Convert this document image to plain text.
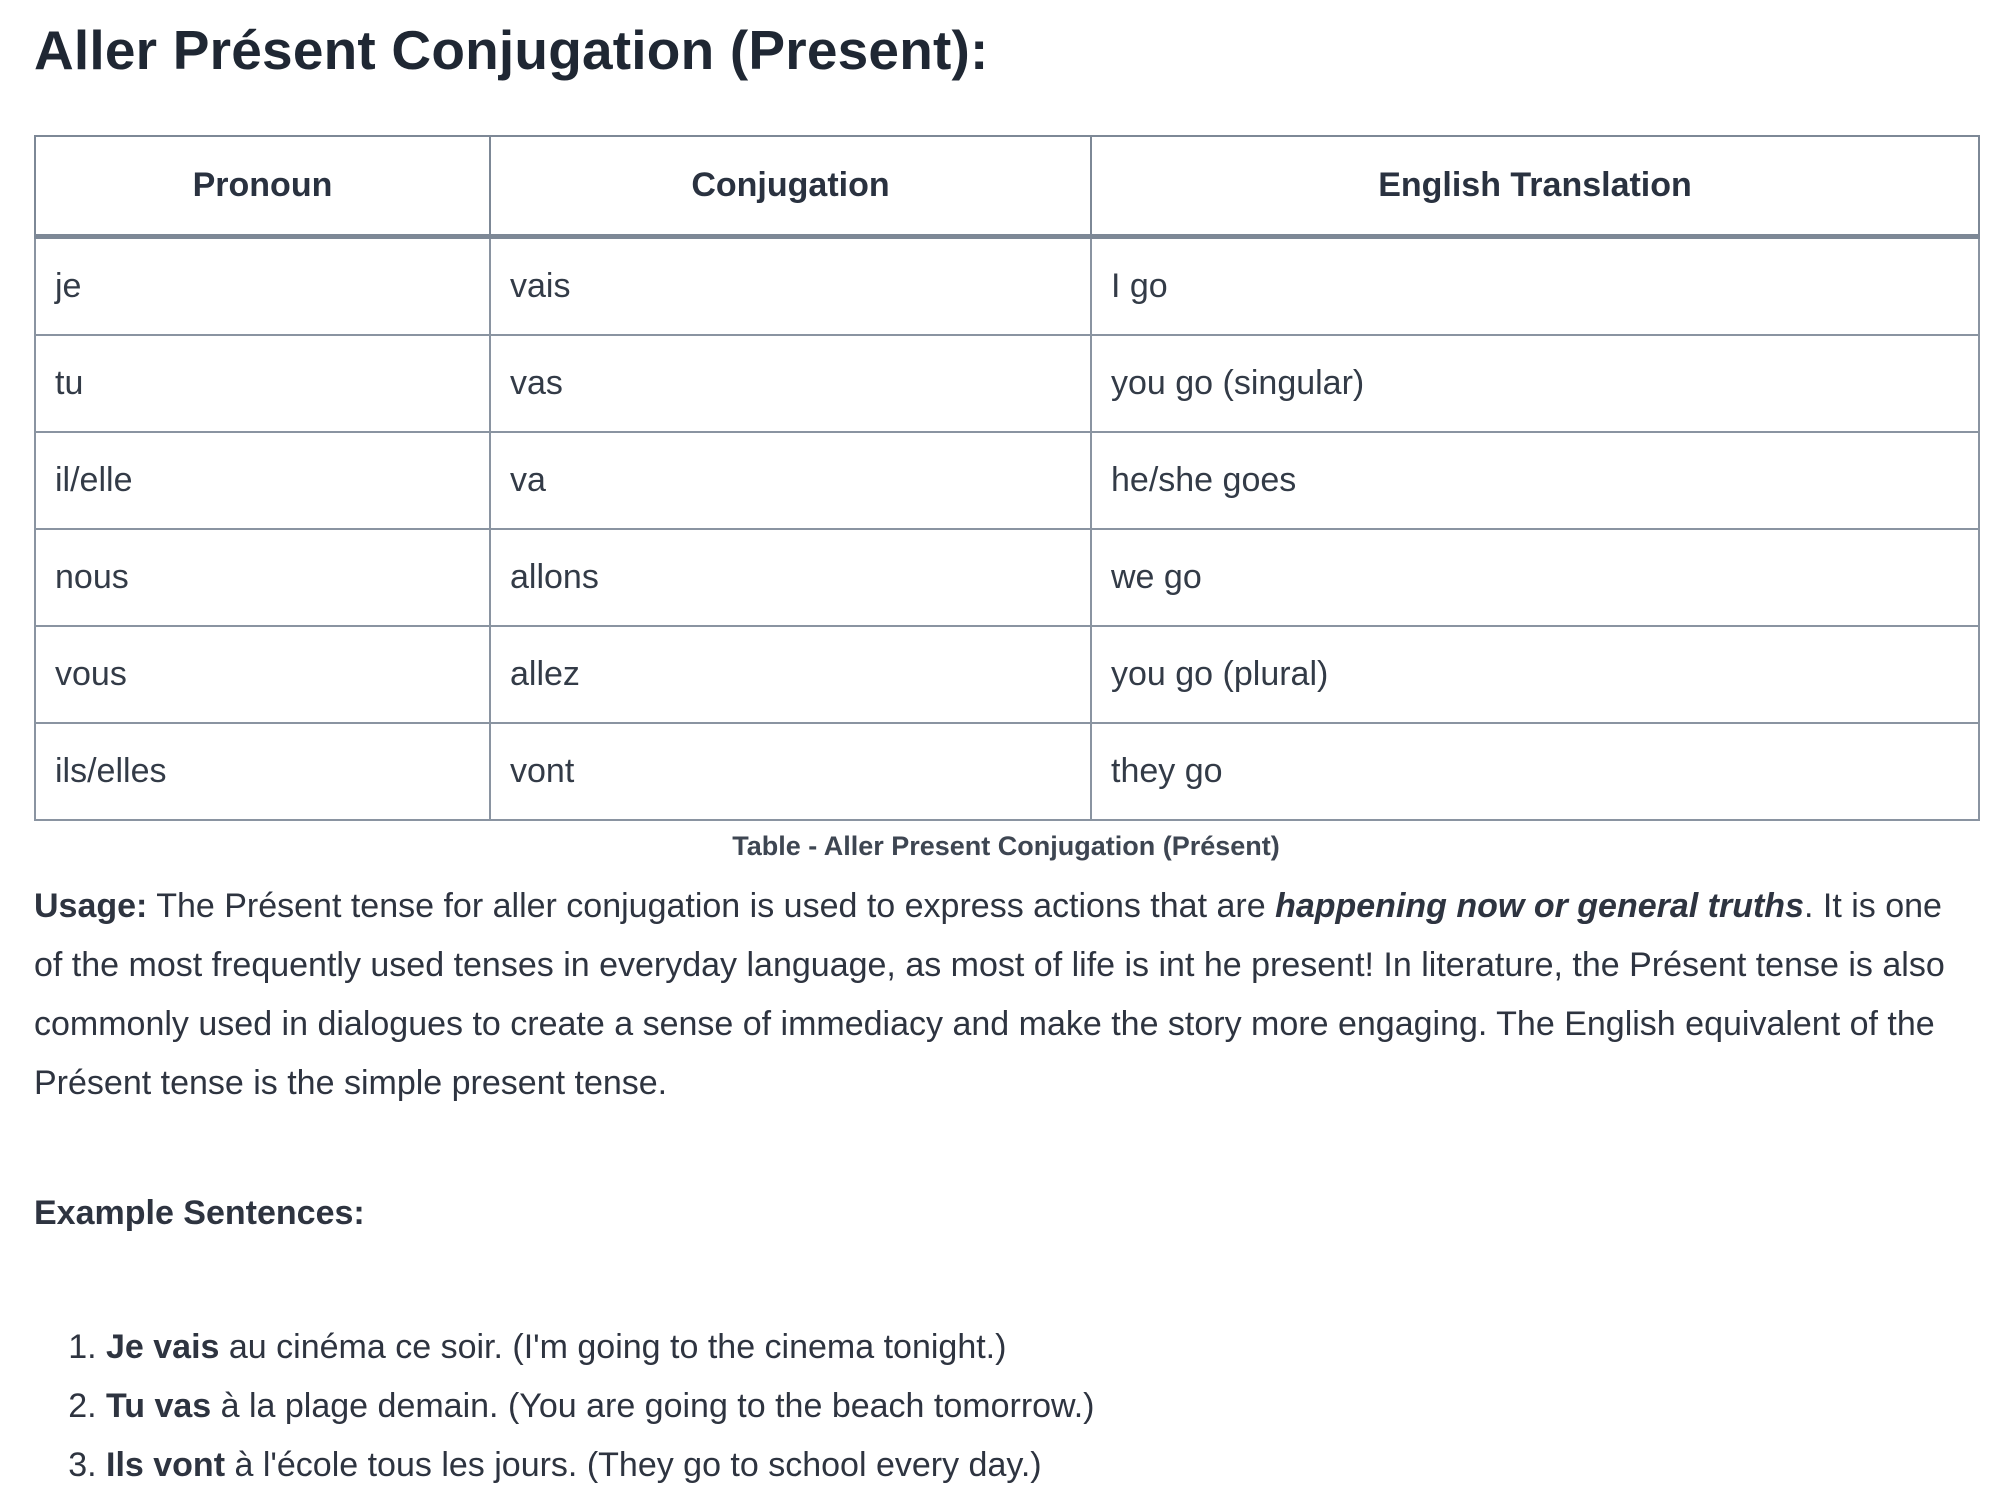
Aller Présent Conjugation (Present):
Pronoun	Conjugation	English Translation
je	vais	I go
tu	vas	you go (singular)
il/elle	va	he/she goes
nous	allons	we go
vous	allez	you go (plural)
ils/elles	vont	they go
Table - Aller Present Conjugation (Présent)

Usage: The Présent tense for aller conjugation is used to express actions that are happening now or general truths. It is one of the most frequently used tenses in everyday language, as most of life is int he present! In literature, the Présent tense is also commonly used in dialogues to create a sense of immediacy and make the story more engaging. The English equivalent of the Présent tense is the simple present tense.

Example Sentences:
1. Je vais au cinéma ce soir. (I'm going to the cinema tonight.)
2. Tu vas à la plage demain. (You are going to the beach tomorrow.)
3. Ils vont à l'école tous les jours. (They go to school every day.)
